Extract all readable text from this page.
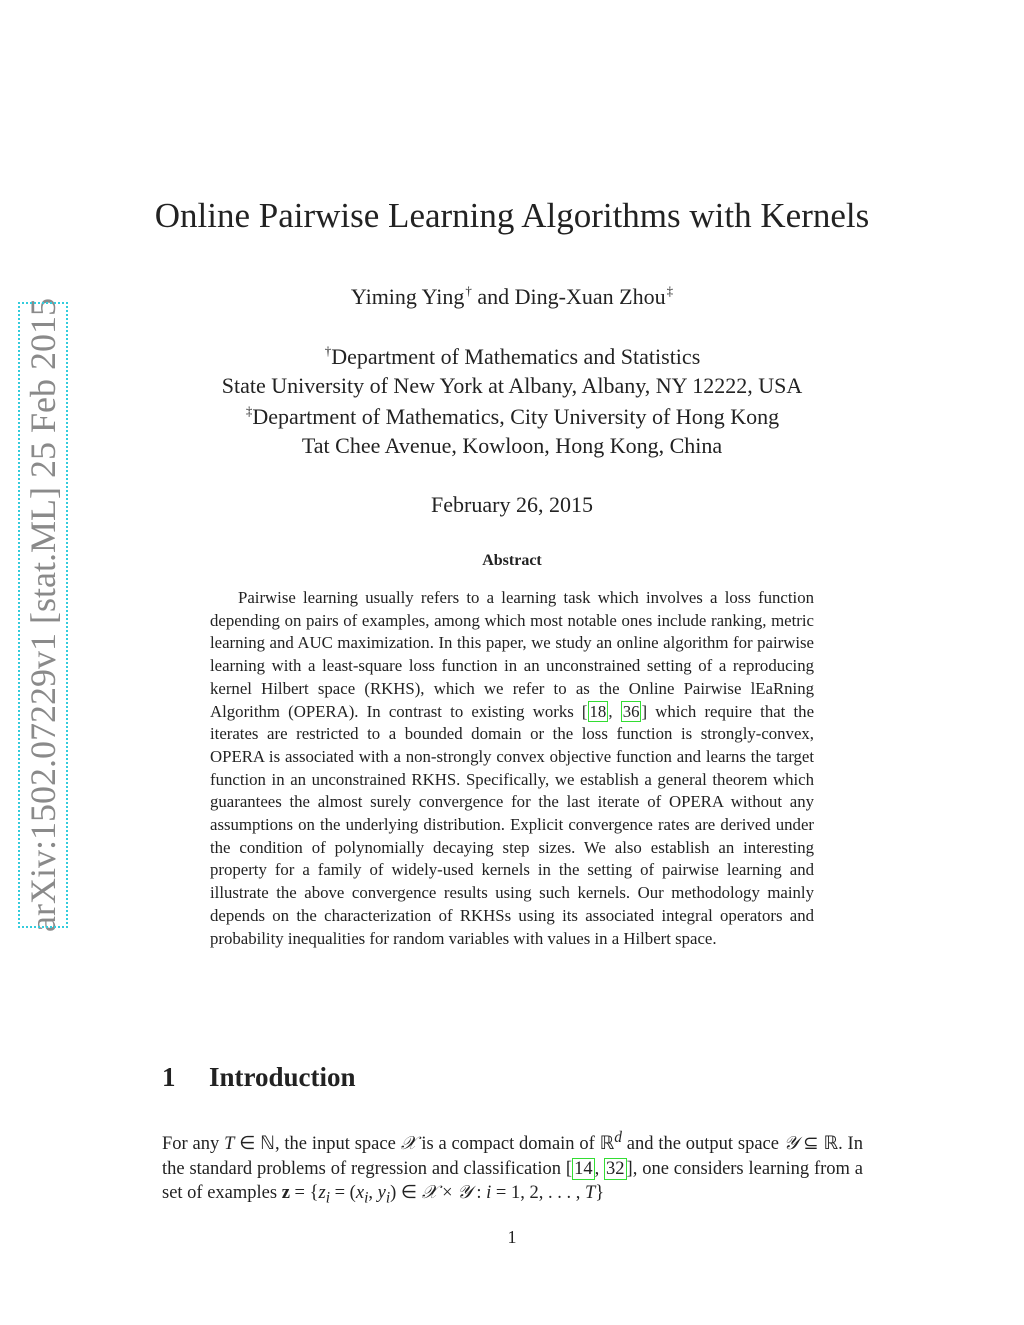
arXiv:1502.07229v1 [stat.ML] 25 Feb 2015
Online Pairwise Learning Algorithms with Kernels
Yiming Ying† and Ding-Xuan Zhou‡
†Department of Mathematics and Statistics
State University of New York at Albany, Albany, NY 12222, USA
‡Department of Mathematics, City University of Hong Kong
Tat Chee Avenue, Kowloon, Hong Kong, China
February 26, 2015
Abstract

Pairwise learning usually refers to a learning task which involves a loss function depending on pairs of examples, among which most notable ones include ranking, metric learning and AUC maximization. In this paper, we study an online algorithm for pairwise learning with a least-square loss function in an unconstrained setting of a reproducing kernel Hilbert space (RKHS), which we refer to as the Online Pairwise lEaRning Algorithm (OPERA). In contrast to existing works [ 18 , 36 ] which require that the iterates are restricted to a bounded domain or the loss function is strongly-convex, OPERA is associated with a non-strongly convex objective function and learns the target function in an unconstrained RKHS. Specifically, we establish a general theorem which guarantees the almost surely convergence for the last iterate of OPERA without any assumptions on the underlying distribution. Explicit convergence rates are derived under the condition of polynomially decaying step sizes. We also establish an interesting property for a family of widely-used kernels in the setting of pairwise learning and illustrate the above convergence results using such kernels. Our methodology mainly depends on the characterization of RKHSs using its associated integral operators and probability inequalities for random variables with values in a Hilbert space.

1 Introduction

For any T ∈ ℕ, the input space 𝒳 is a compact domain of ℝ$^d$ and the output space 𝒴 ⊆ ℝ. In the standard problems of regression and classification [ 14 , 32 ], one considers learning from a set of examples $z = \{z_i = (x_i$, $y_i$) ∈ 𝒳 × 𝒴 : i = 1, 2, . . . , T}

1
